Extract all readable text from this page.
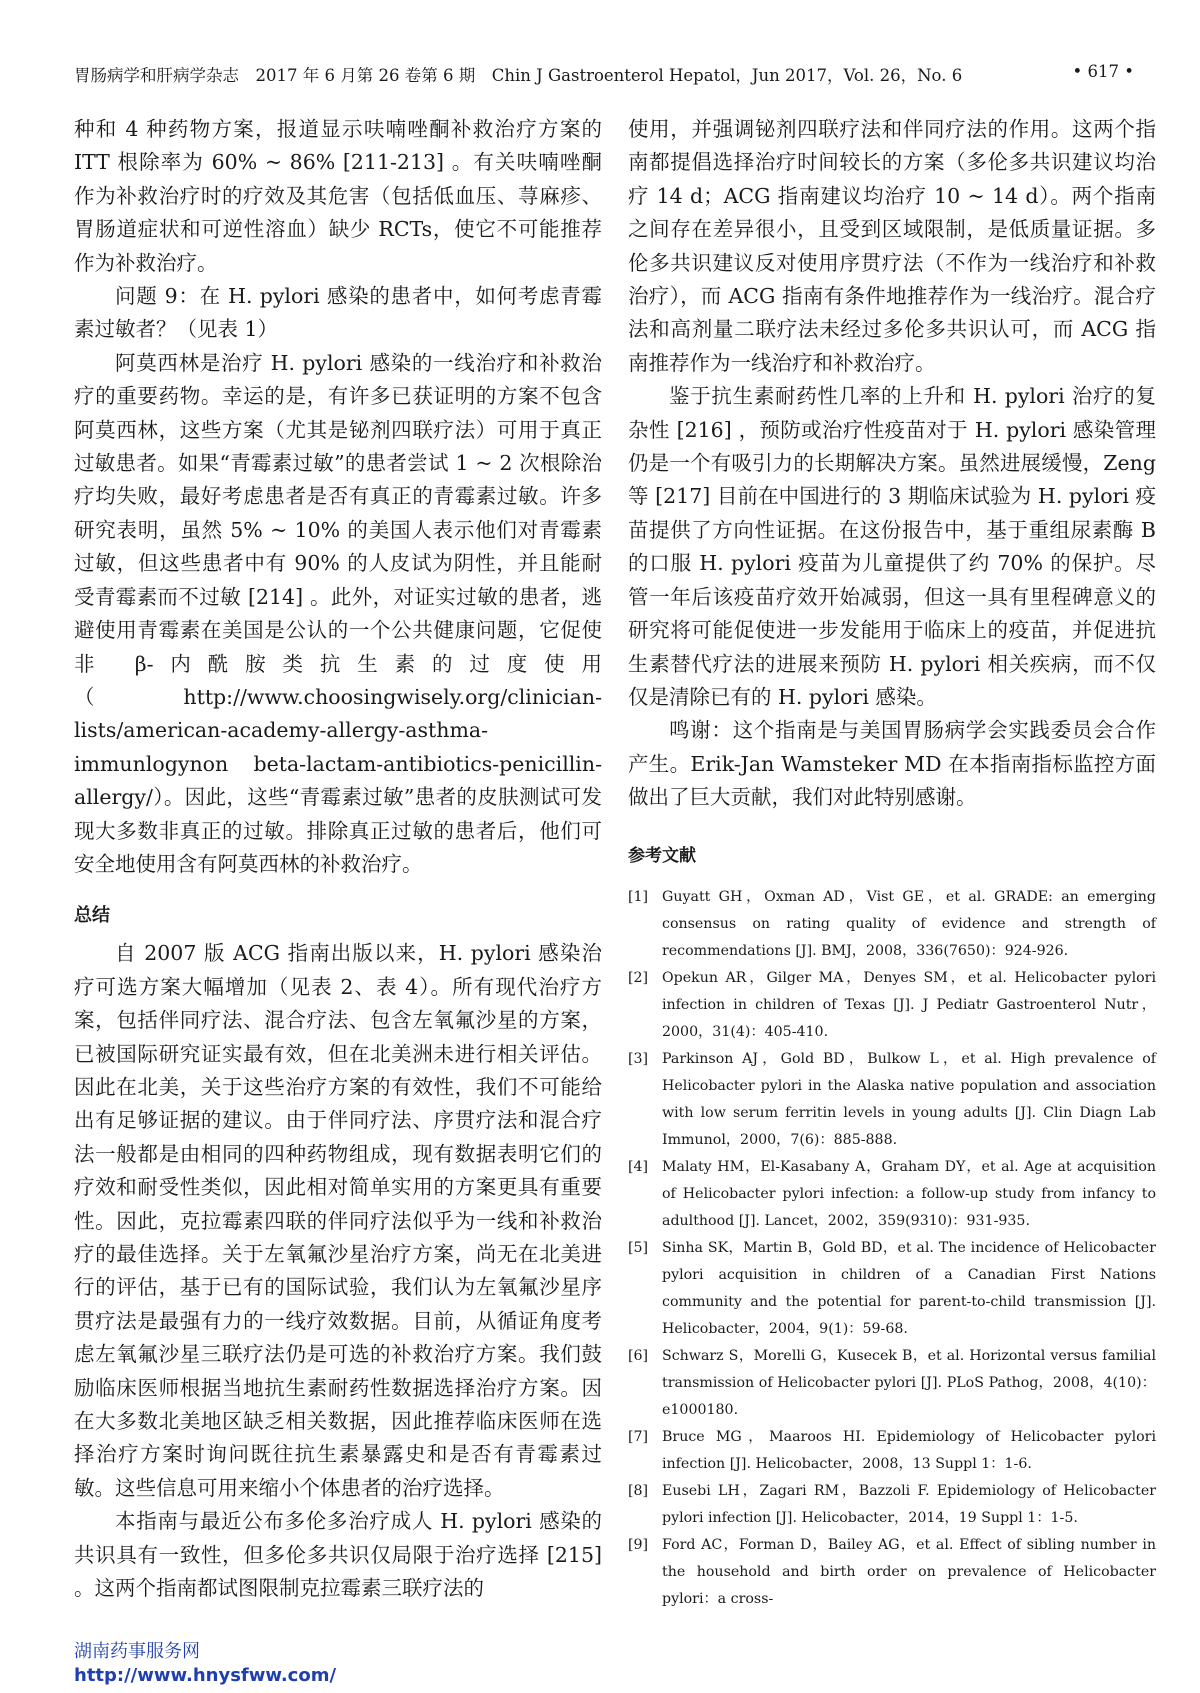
胃肠病学和肝病学杂志　2017 年 6 月第 26 卷第 6 期　Chin J Gastroenterol Hepatol，Jun 2017，Vol. 26，No. 6	• 617 •

种和 4 种药物方案，报道显示呋喃唑酮补救治疗方案的 ITT 根除率为 60% ~ 86% [211-213] 。有关呋喃唑酮作为补救治疗时的疗效及其危害（包括低血压、荨麻疹、胃肠道症状和可逆性溶血）缺少 RCTs，使它不可能推荐作为补救治疗。

问题 9：在 H. pylori 感染的患者中，如何考虑青霉素过敏者？（见表 1）

阿莫西林是治疗 H. pylori 感染的一线治疗和补救治疗的重要药物。幸运的是，有许多已获证明的方案不包含阿莫西林，这些方案（尤其是铋剂四联疗法）可用于真正过敏患者。如果“青霉素过敏”的患者尝试 1 ~ 2 次根除治疗均失败，最好考虑患者是否有真正的青霉素过敏。许多研究表明，虽然 5% ~ 10% 的美国人表示他们对青霉素过敏，但这些患者中有 90% 的人皮试为阴性，并且能耐受青霉素而不过敏 [214] 。此外，对证实过敏的患者，逃避使用青霉素在美国是公认的一个公共健康问题，它促使非 β-内酰胺类抗生素的过度使用（http://www.choosingwisely.org/clinician-lists/american-academy-allergy-asthma-immunlogynon beta-lactam-antibiotics-penicillin-allergy/）。因此，这些“青霉素过敏”患者的皮肤测试可发现大多数非真正的过敏。排除真正过敏的患者后，他们可安全地使用含有阿莫西林的补救治疗。

总结

自 2007 版 ACG 指南出版以来，H. pylori 感染治疗可选方案大幅增加（见表 2、表 4）。所有现代治疗方案，包括伴同疗法、混合疗法、包含左氧氟沙星的方案，已被国际研究证实最有效，但在北美洲未进行相关评估。因此在北美，关于这些治疗方案的有效性，我们不可能给出有足够证据的建议。由于伴同疗法、序贯疗法和混合疗法一般都是由相同的四种药物组成，现有数据表明它们的疗效和耐受性类似，因此相对简单实用的方案更具有重要性。因此，克拉霉素四联的伴同疗法似乎为一线和补救治疗的最佳选择。关于左氧氟沙星治疗方案，尚无在北美进行的评估，基于已有的国际试验，我们认为左氧氟沙星序贯疗法是最强有力的一线疗效数据。目前，从循证角度考虑左氧氟沙星三联疗法仍是可选的补救治疗方案。我们鼓励临床医师根据当地抗生素耐药性数据选择治疗方案。因在大多数北美地区缺乏相关数据，因此推荐临床医师在选择治疗方案时询问既往抗生素暴露史和是否有青霉素过敏。这些信息可用来缩小个体患者的治疗选择。

本指南与最近公布多伦多治疗成人 H. pylori 感染的共识具有一致性，但多伦多共识仅局限于治疗选择 [215] 。这两个指南都试图限制克拉霉素三联疗法的

使用，并强调铋剂四联疗法和伴同疗法的作用。这两个指南都提倡选择治疗时间较长的方案（多伦多共识建议均治疗 14 d；ACG 指南建议均治疗 10 ~ 14 d）。两个指南之间存在差异很小，且受到区域限制，是低质量证据。多伦多共识建议反对使用序贯疗法（不作为一线治疗和补救治疗），而 ACG 指南有条件地推荐作为一线治疗。混合疗法和高剂量二联疗法未经过多伦多共识认可，而 ACG 指南推荐作为一线治疗和补救治疗。

鉴于抗生素耐药性几率的上升和 H. pylori 治疗的复杂性 [216] ，预防或治疗性疫苗对于 H. pylori 感染管理仍是一个有吸引力的长期解决方案。虽然进展缓慢，Zeng 等 [217] 目前在中国进行的 3 期临床试验为 H. pylori 疫苗提供了方向性证据。在这份报告中，基于重组尿素酶 B 的口服 H. pylori 疫苗为儿童提供了约 70% 的保护。尽管一年后该疫苗疗效开始减弱，但这一具有里程碑意义的研究将可能促使进一步发能用于临床上的疫苗，并促进抗生素替代疗法的进展来预防 H. pylori 相关疾病，而不仅仅是清除已有的 H. pylori 感染。

鸣谢：这个指南是与美国胃肠病学会实践委员会合作产生。Erik-Jan Wamsteker MD 在本指南指标监控方面做出了巨大贡献，我们对此特别感谢。

参考文献
[1] Guyatt GH，Oxman AD，Vist GE，et al. GRADE: an emerging consensus on rating quality of evidence and strength of recommendations [J]. BMJ，2008，336(7650)：924-926.
[2] Opekun AR，Gilger MA，Denyes SM，et al. Helicobacter pylori infection in children of Texas [J]. J Pediatr Gastroenterol Nutr，2000，31(4)：405-410.
[3] Parkinson AJ，Gold BD，Bulkow L，et al. High prevalence of Helicobacter pylori in the Alaska native population and association with low serum ferritin levels in young adults [J]. Clin Diagn Lab Immunol，2000，7(6)：885-888.
[4] Malaty HM，El-Kasabany A，Graham DY，et al. Age at acquisition of Helicobacter pylori infection: a follow-up study from infancy to adulthood [J]. Lancet，2002，359(9310)：931-935.
[5] Sinha SK，Martin B，Gold BD，et al. The incidence of Helicobacter pylori acquisition in children of a Canadian First Nations community and the potential for parent-to-child transmission [J]. Helicobacter，2004，9(1)：59-68.
[6] Schwarz S，Morelli G，Kusecek B，et al. Horizontal versus familial transmission of Helicobacter pylori [J]. PLoS Pathog，2008，4(10)：e1000180.
[7] Bruce MG，Maaroos HI. Epidemiology of Helicobacter pylori infection [J]. Helicobacter，2008，13 Suppl 1：1-6.
[8] Eusebi LH，Zagari RM，Bazzoli F. Epidemiology of Helicobacter pylori infection [J]. Helicobacter，2014，19 Suppl 1：1-5.
[9] Ford AC，Forman D，Bailey AG，et al. Effect of sibling number in the household and birth order on prevalence of Helicobacter pylori：a cross-
湖南药事服务网
http://www.hnysfww.com/
